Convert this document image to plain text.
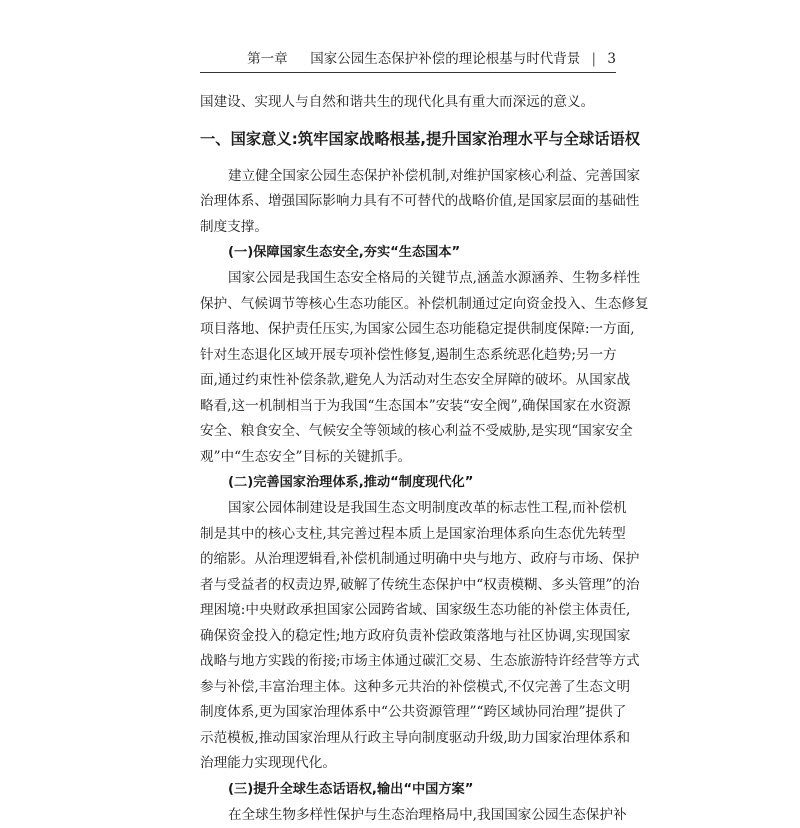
第一章 国家公园生态保护补偿的理论根基与时代背景 | 3
国建设、实现人与自然和谐共生的现代化具有重大而深远的意义。
一、国家意义:筑牢国家战略根基,提升国家治理水平与全球话语权
建立健全国家公园生态保护补偿机制,对维护国家核心利益、完善国家
治理体系、增强国际影响力具有不可替代的战略价值,是国家层面的基础性
制度支撑。
(一)保障国家生态安全,夯实“生态国本”
国家公园是我国生态安全格局的关键节点,涵盖水源涵养、生物多样性
保护、气候调节等核心生态功能区。补偿机制通过定向资金投入、生态修复
项目落地、保护责任压实,为国家公园生态功能稳定提供制度保障:一方面,
针对生态退化区域开展专项补偿性修复,遏制生态系统恶化趋势;另一方
面,通过约束性补偿条款,避免人为活动对生态安全屏障的破坏。从国家战
略看,这一机制相当于为我国“生态国本”安装“安全阀”,确保国家在水资源
安全、粮食安全、气候安全等领域的核心利益不受威胁,是实现“国家安全
观”中“生态安全”目标的关键抓手。
(二)完善国家治理体系,推动“制度现代化”
国家公园体制建设是我国生态文明制度改革的标志性工程,而补偿机
制是其中的核心支柱,其完善过程本质上是国家治理体系向生态优先转型
的缩影。从治理逻辑看,补偿机制通过明确中央与地方、政府与市场、保护
者与受益者的权责边界,破解了传统生态保护中“权责模糊、多头管理”的治
理困境:中央财政承担国家公园跨省域、国家级生态功能的补偿主体责任,
确保资金投入的稳定性;地方政府负责补偿政策落地与社区协调,实现国家
战略与地方实践的衔接;市场主体通过碳汇交易、生态旅游特许经营等方式
参与补偿,丰富治理主体。这种多元共治的补偿模式,不仅完善了生态文明
制度体系,更为国家治理体系中“公共资源管理”“跨区域协同治理”提供了
示范模板,推动国家治理从行政主导向制度驱动升级,助力国家治理体系和
治理能力实现现代化。
(三)提升全球生态话语权,输出“中国方案”
在全球生物多样性保护与生态治理格局中,我国国家公园生态保护补
